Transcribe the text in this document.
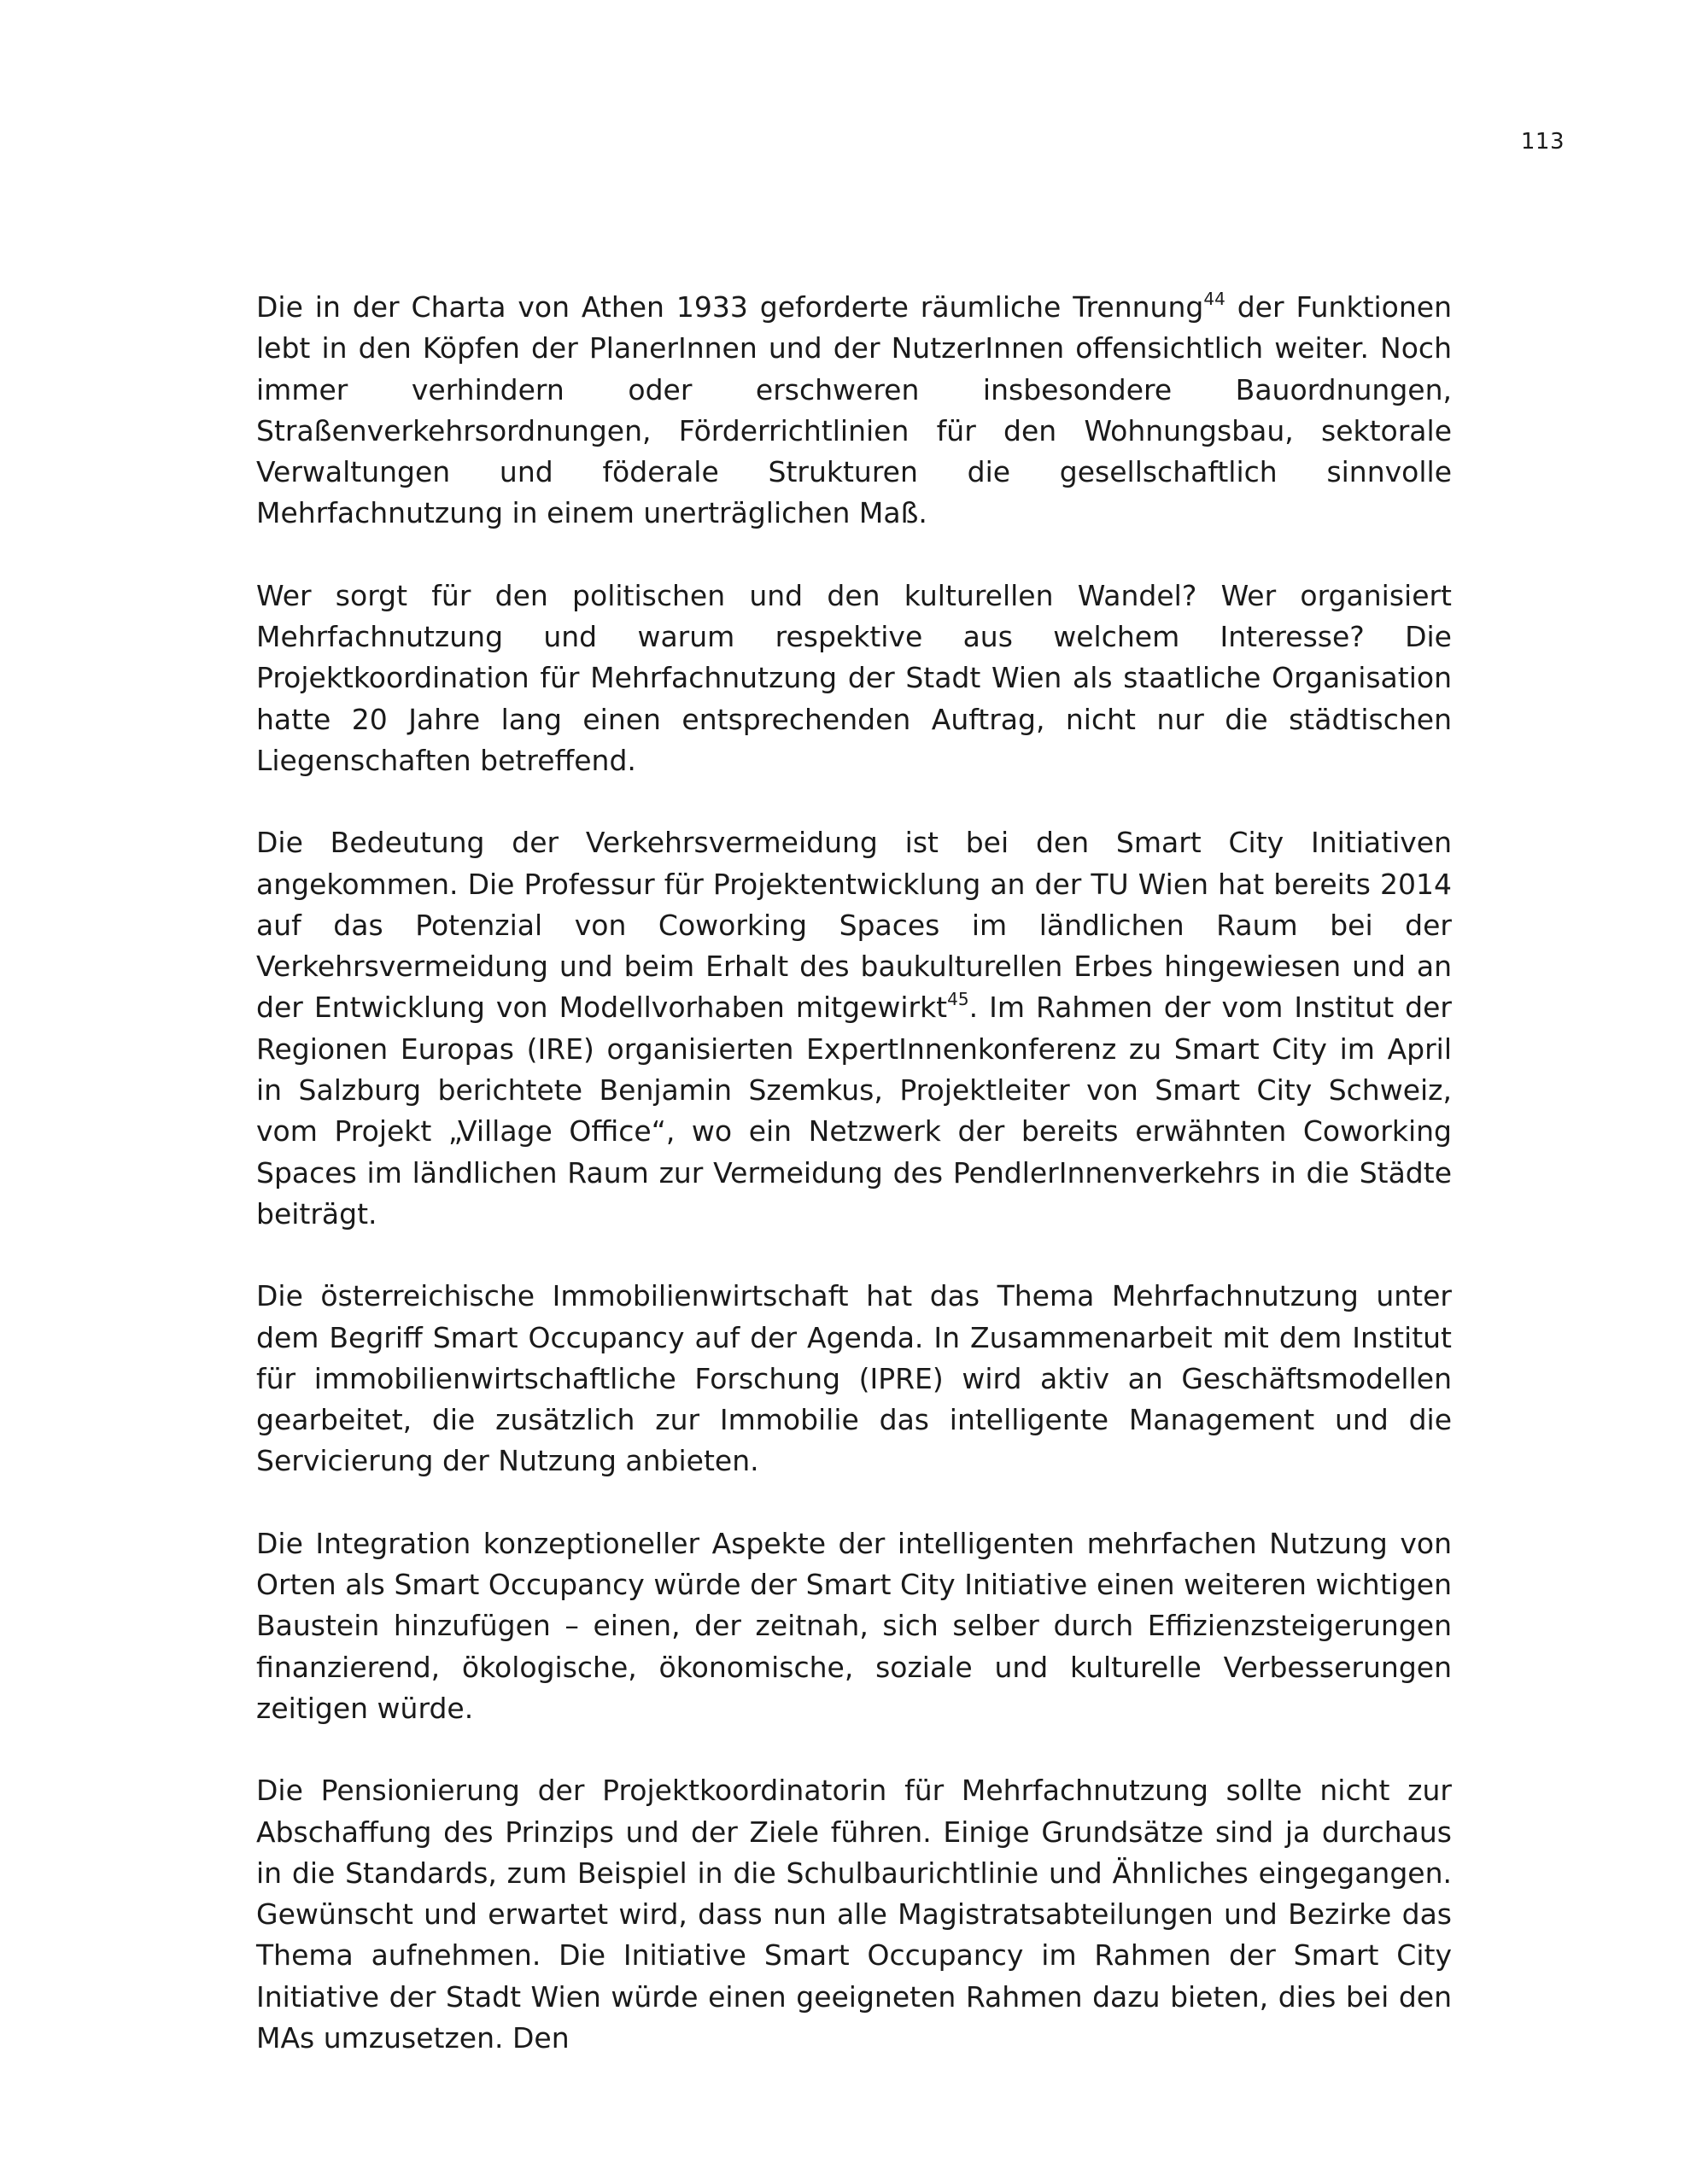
113

Die in der Charta von Athen 1933 geforderte räumliche Trennung$^{44}$ der Funktionen lebt in den Köpfen der PlanerInnen und der NutzerInnen offensichtlich weiter. Noch immer verhindern oder erschweren insbesondere Bauordnungen, Straßenverkehrsordnungen, Förderrichtlinien für den Wohnungsbau, sektorale Verwaltungen und föderale Strukturen die gesellschaftlich sinnvolle Mehrfachnutzung in einem unerträglichen Maß.

Wer sorgt für den politischen und den kulturellen Wandel? Wer organisiert Mehrfachnutzung und warum respektive aus welchem Interesse? Die Projektkoordination für Mehrfachnutzung der Stadt Wien als staatliche Organisation hatte 20 Jahre lang einen entsprechenden Auftrag, nicht nur die städtischen Liegenschaften betreffend.

Die Bedeutung der Verkehrsvermeidung ist bei den Smart City Initiativen angekommen. Die Professur für Projektentwicklung an der TU Wien hat bereits 2014 auf das Potenzial von Coworking Spaces im ländlichen Raum bei der Verkehrsvermeidung und beim Erhalt des baukulturellen Erbes hingewiesen und an der Entwicklung von Modellvorhaben mitgewirkt$^{45}$. Im Rahmen der vom Institut der Regionen Europas (IRE) organisierten ExpertInnenkonferenz zu Smart City im April in Salzburg berichtete Benjamin Szemkus, Projektleiter von Smart City Schweiz, vom Projekt „Village Office“, wo ein Netzwerk der bereits erwähnten Coworking Spaces im ländlichen Raum zur Vermeidung des PendlerInnenverkehrs in die Städte beiträgt.

Die österreichische Immobilienwirtschaft hat das Thema Mehrfachnutzung unter dem Begriff Smart Occupancy auf der Agenda. In Zusammenarbeit mit dem Institut für immobilienwirtschaftliche Forschung (IPRE) wird aktiv an Geschäftsmodellen gearbeitet, die zusätzlich zur Immobilie das intelligente Management und die Servicierung der Nutzung anbieten.

Die Integration konzeptioneller Aspekte der intelligenten mehrfachen Nutzung von Orten als Smart Occupancy würde der Smart City Initiative einen weiteren wichtigen Baustein hinzufügen – einen, der zeitnah, sich selber durch Effizienzsteigerungen finanzierend, ökologische, ökonomische, soziale und kulturelle Verbesserungen zeitigen würde.

Die Pensionierung der Projektkoordinatorin für Mehrfachnutzung sollte nicht zur Abschaffung des Prinzips und der Ziele führen. Einige Grundsätze sind ja durchaus in die Standards, zum Beispiel in die Schulbaurichtlinie und Ähnliches eingegangen. Gewünscht und erwartet wird, dass nun alle Magistratsabteilungen und Bezirke das Thema aufnehmen. Die Initiative Smart Occupancy im Rahmen der Smart City Initiative der Stadt Wien würde einen geeigneten Rahmen dazu bieten, dies bei den MAs umzusetzen. Den
